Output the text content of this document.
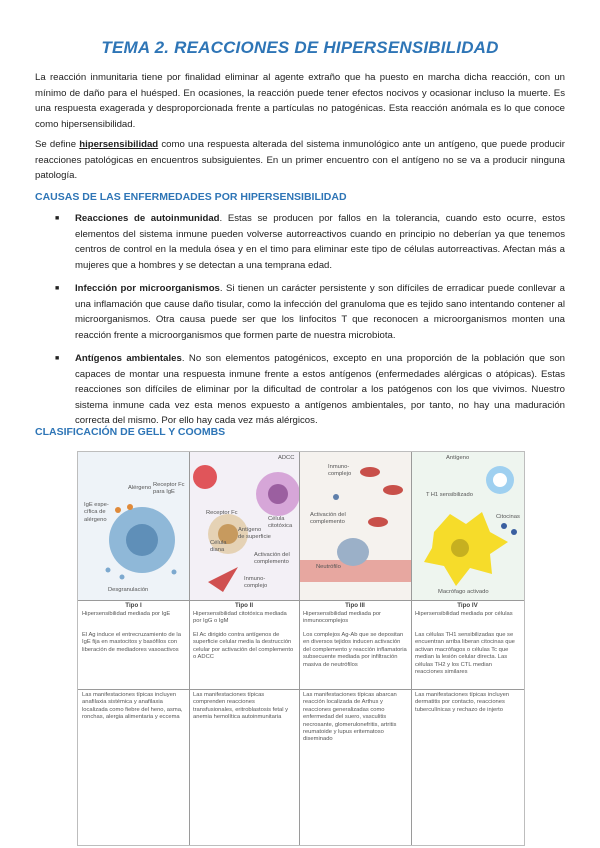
TEMA 2. REACCIONES DE HIPERSENSIBILIDAD

La reacción inmunitaria tiene por finalidad eliminar al agente extraño que ha puesto en marcha dicha reacción, con un mínimo de daño para el huésped. En ocasiones, la reacción puede tener efectos nocivos y ocasionar incluso la muerte. Es una respuesta exagerada y desproporcionada frente a partículas no patogénicas. Esta reacción anómala es lo que conoce como hipersensibilidad.

Se define hipersensibilidad como una respuesta alterada del sistema inmunológico ante un antígeno, que puede producir reacciones patológicas en encuentros subsiguientes. En un primer encuentro con el antígeno no se va a producir ninguna patología.

CAUSAS DE LAS ENFERMEDADES POR HIPERSENSIBILIDAD
■ Reacciones de autoinmunidad. Estas se producen por fallos en la tolerancia, cuando esto ocurre, estos elementos del sistema inmune pueden volverse autorreactivos cuando en principio no deberían ya que tenemos centros de control en la medula ósea y en el timo para eliminar este tipo de células autorreactivas. Afectan más a mujeres que a hombres y se detectan a una temprana edad.
■ Infección por microorganismos. Si tienen un carácter persistente y son difíciles de erradicar puede conllevar a una inflamación que cause daño tisular, como la infección del granuloma que es tejido sano intentando contener al microorganismos. Otra causa puede ser que los linfocitos T que reconocen a microorganismos monten una reacción frente a microorganismos que formen parte de nuestra microbiota.
■ Antígenos ambientales. No son elementos patogénicos, excepto en una proporción de la población que son capaces de montar una respuesta inmune frente a estos antígenos (enfermedades alérgicas o atópicas). Estas reacciones son difíciles de eliminar por la dificultad de controlar a los patógenos con los que vivimos. Nuestro sistema inmune cada vez esta menos expuesto a antígenos ambientales, por tanto, no hay una maduración correcta del mismo. Por ello hay cada vez más alérgicos.
CLASIFICACIÓN DE GELL Y COOMBS
Alérgeno Receptor Fc
para IgE
IgE espe-
cífica de
alérgeno
Desgranulación
ADCC
Receptor Fc
Célula
citotóxica
Célula
diana
Antígeno
de superficie
Activación del
complemento
Inmuno-
complejo
Inmuno-
complejo
Activación del
complemento
Neutrófilo
Antígeno
T H1 sensibilizado
Citocinas
Macrófago activado
Tipo I
Hipersensibilidad mediada por IgE
El Ag induce el entrecruzamiento de la IgE fija en mastocitos y basófilos con liberación de mediadores vasoactivos
Las manifestaciones típicas incluyen anafilaxia sistémica y anafilaxia localizada como fiebre del heno, asma, ronchas, alergia alimentaria y eccema
Tipo II
Hipersensibilidad citotóxica mediada por IgG o IgM
El Ac dirigido contra antígenos de superficie celular media la destrucción celular por activación del complemento o ADCC
Las manifestaciones típicas comprenden reacciones transfusionales, eritroblastosis fetal y anemia hemolítica autoinmunitaria
Tipo III
Hipersensibilidad mediada por inmunocomplejos
Los complejos Ag-Ab que se depositan en diversos tejidos inducen activación del complemento y reacción inflamatoria subsecuente mediada por infiltración masiva de neutrófilos
Las manifestaciones típicas abarcan reacción localizada de Arthus y reacciones generalizadas como enfermedad del suero, vasculitis necrosante, glomerulonefritis, artritis reumatoide y lupus eritematoso diseminado
Tipo IV
Hipersensibilidad mediada por células
Las células TH1 sensibilizadas que se encuentran arriba liberan citocinas que activan macrófagos o células Tc que median la lesión celular directa. Las células TH2 y los CTL median reacciones similares
Las manifestaciones típicas incluyen dermatitis por contacto, reacciones tuberculínicas y rechazo de injerto
